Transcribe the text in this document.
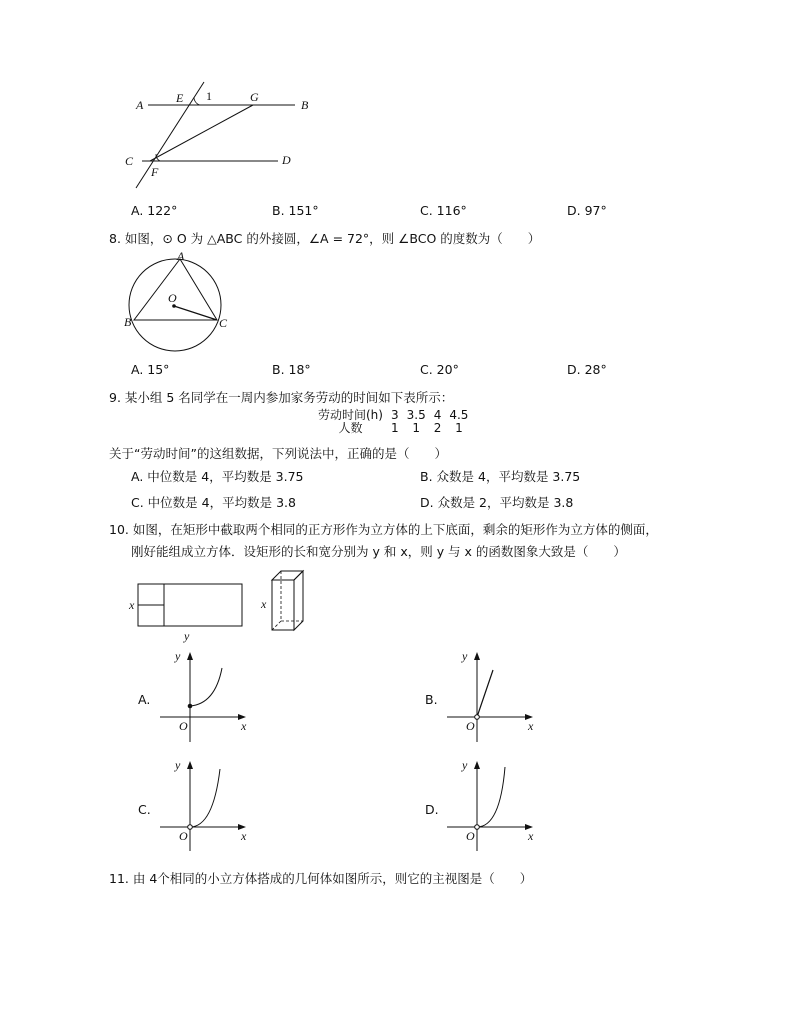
A	E 1	G
B
C
F
D
A. 122°	B. 151°	C. 116°	D. 97°
8. 如图，⊙ O 为 △ABC 的外接圆，∠A = 72°，则 ∠BCO 的度数为（　　）
A
O
B	C
A. 15°	B. 18°	C. 20°	D. 28°
9. 某小组 5 名同学在一周内参加家务劳动的时间如下表所示：
劳动时间(h)	3	3.5	4	4.5
人数	1	1	2	1
关于“劳动时间”的这组数据，下列说法中，正确的是（　　）
A. 中位数是 4，平均数是 3.75	B. 众数是 4，平均数是 3.75
C. 中位数是 4，平均数是 3.8	D. 众数是 2，平均数是 3.8
10. 如图，在矩形中截取两个相同的正方形作为立方体的上下底面，剩余的矩形作为立方体的侧面，
刚好能组成立方体．设矩形的长和宽分别为 y 和 x，则 y 与 x 的函数图象大致是（　　）
x
y
x
A.
y
O	x
B.
y
O	x
C.
y
O	x
D.
y
O	x
11. 由 4个相同的小立方体搭成的几何体如图所示，则它的主视图是（　　）
